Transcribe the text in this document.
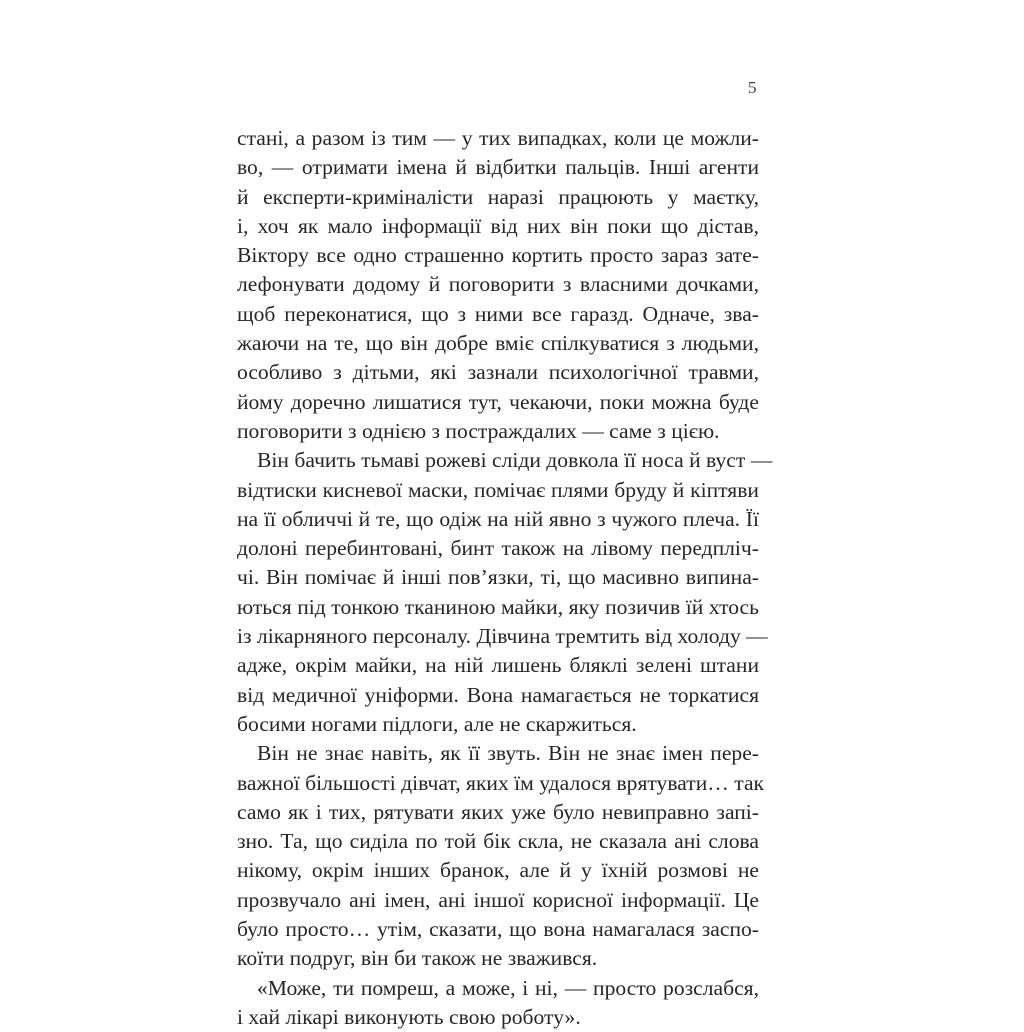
5
стані, а разом із тим — у тих випадках, коли це можли-
во, — отримати імена й відбитки пальців. Інші агенти
й експерти-криміналісти наразі працюють у маєтку,
і, хоч як мало інформації від них він поки що дістав,
Віктору все одно страшенно кортить просто зараз зате-
лефонувати додому й поговорити з власними дочками,
щоб переконатися, що з ними все гаразд. Одначе, зва-
жаючи на те, що він добре вміє спілкуватися з людьми,
особливо з дітьми, які зазнали психологічної травми,
йому доречно лишатися тут, чекаючи, поки можна буде
поговорити з однією з постраждалих — саме з цією.
Він бачить тьмаві рожеві сліди довкола її носа й вуст —
відтиски кисневої маски, помічає плями бруду й кіптяви
на її обличчі й те, що одіж на ній явно з чужого плеча. Її
долоні перебинтовані, бинт також на лівому передпліч-
чі. Він помічає й інші пов’язки, ті, що масивно випина-
ються під тонкою тканиною майки, яку позичив їй хтось
із лікарняного персоналу. Дівчина тремтить від холоду —
адже, окрім майки, на ній лишень бляклі зелені штани
від медичної уніформи. Вона намагається не торкатися
босими ногами підлоги, але не скаржиться.
Він не знає навіть, як її звуть. Він не знає імен пере-
важної більшості дівчат, яких їм удалося врятувати… так
само як і тих, рятувати яких уже було невиправно запі-
зно. Та, що сиділа по той бік скла, не сказала ані слова
нікому, окрім інших бранок, але й у їхній розмові не
прозвучало ані імен, ані іншої корисної інформації. Це
було просто… утім, сказати, що вона намагалася заспо-
коїти подруг, він би також не зважився.
«Може, ти помреш, а може, і ні, — просто розслабся,
і хай лікарі виконують свою роботу».
